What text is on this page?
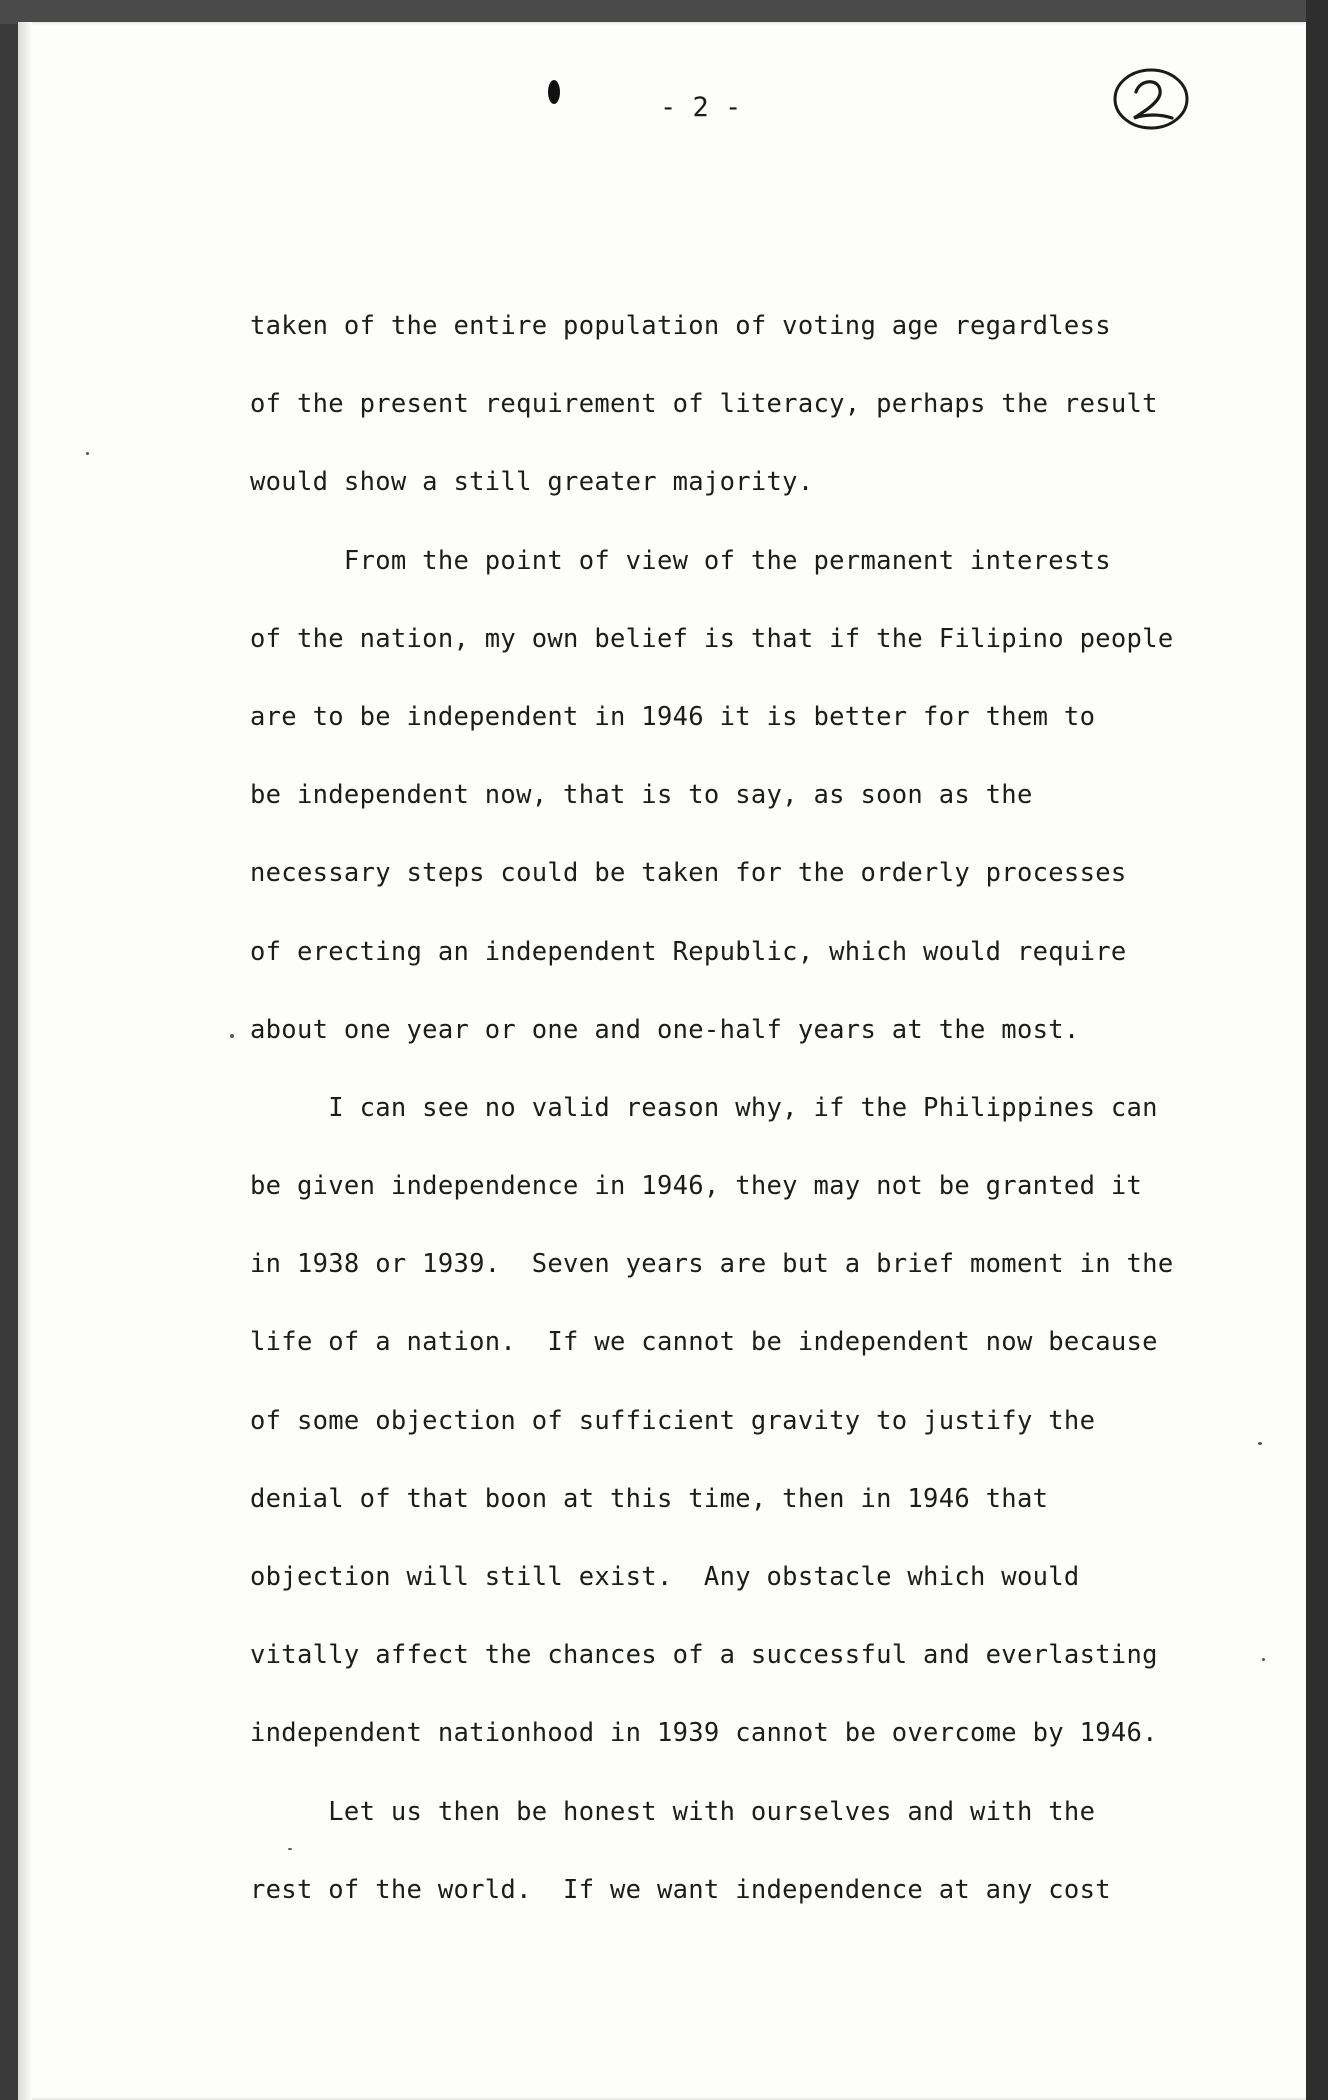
- 2 -
taken of the entire population of voting age regardless
of the present requirement of literacy, perhaps the result
would show a still greater majority.
From the point of view of the permanent interests
of the nation, my own belief is that if the Filipino people
are to be independent in 1946 it is better for them to
be independent now, that is to say, as soon as the
necessary steps could be taken for the orderly processes
of erecting an independent Republic, which would require
about one year or one and one-half years at the most.
I can see no valid reason why, if the Philippines can
be given independence in 1946, they may not be granted it
in 1938 or 1939.  Seven years are but a brief moment in the
life of a nation.  If we cannot be independent now because
of some objection of sufficient gravity to justify the
denial of that boon at this time, then in 1946 that
objection will still exist.  Any obstacle which would
vitally affect the chances of a successful and everlasting
independent nationhood in 1939 cannot be overcome by 1946.
Let us then be honest with ourselves and with the
rest of the world.  If we want independence at any cost
